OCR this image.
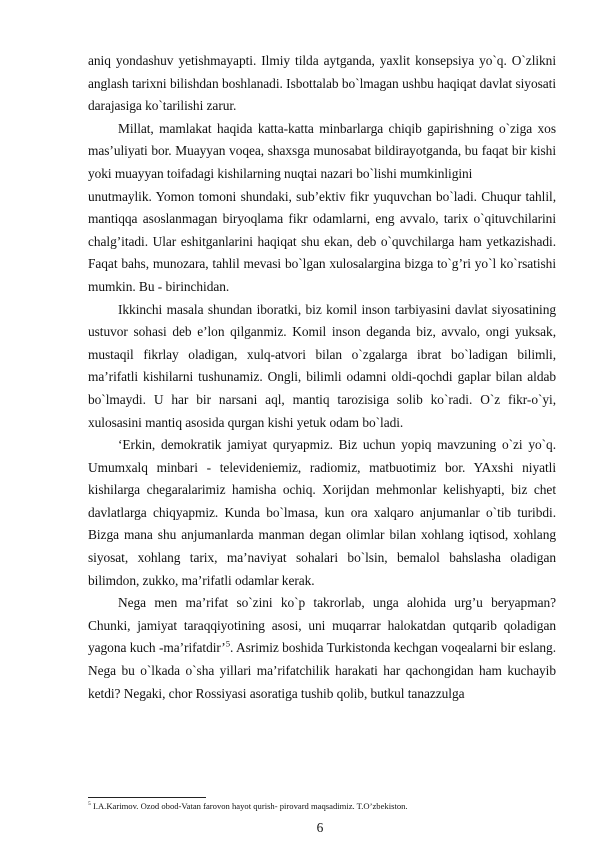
aniq yondashuv yetishmayapti. Ilmiy tilda aytganda, yaxlit konsepsiya yo`q. O`zlikni anglash tarixni bilishdan boshlanadi. Isbottalab bo`lmagan ushbu haqiqat davlat siyosati darajasiga ko`tarilishi zarur.

Millat, mamlakat haqida katta-katta minbarlarga chiqib gapirishning o`ziga xos mas’uliyati bor. Muayyan voqea, shaxsga munosabat bildirayotganda, bu faqat bir kishi yoki muayyan toifadagi kishilarning nuqtai nazari bo`lishi mumkinligini

unutmaylik. Yomon tomoni shundaki, sub’ektiv fikr yuquvchan bo`ladi. Chuqur tahlil, mantiqqa asoslanmagan biryoqlama fikr odamlarni, eng avvalo, tarix o`qituvchilarini chalg’itadi. Ular eshitganlarini haqiqat shu ekan, deb o`quvchilarga ham yetkazishadi. Faqat bahs, munozara, tahlil mevasi bo`lgan xulosalargina bizga to`g’ri yo`l ko`rsatishi mumkin. Bu - birinchidan.

Ikkinchi masala shundan iboratki, biz komil inson tarbiyasini davlat siyosatining ustuvor sohasi deb e’lon qilganmiz. Komil inson deganda biz, avvalo, ongi yuksak, mustaqil fikrlay oladigan, xulq-atvori bilan o`zgalarga ibrat bo`ladigan bilimli, ma’rifatli kishilarni tushunamiz. Ongli, bilimli odamni oldi-qochdi gaplar bilan aldab bo`lmaydi. U har bir narsani aql, mantiq tarozisiga solib ko`radi. O`z fikr-o`yi, xulosasini mantiq asosida qurgan kishi yetuk odam bo`ladi.

‘Erkin, demokratik jamiyat quryapmiz. Biz uchun yopiq mavzuning o`zi yo`q. Umumxalq minbari - televideniemiz, radiomiz, matbuotimiz bor. YAxshi niyatli kishilarga chegaralarimiz hamisha ochiq. Xorijdan mehmonlar kelishyapti, biz chet davlatlarga chiqyapmiz. Kunda bo`lmasa, kun ora xalqaro anjumanlar o`tib turibdi. Bizga mana shu anjumanlarda manman degan olimlar bilan xohlang iqtisod, xohlang siyosat, xohlang tarix, ma’naviyat sohalari bo`lsin, bemalol bahslasha oladigan bilimdon, zukko, ma’rifatli odamlar kerak.

Nega men ma’rifat so`zini ko`p takrorlab, unga alohida urg’u beryapman? Chunki, jamiyat taraqqiyotining asosi, uni muqarrar halokatdan qutqarib qoladigan yagona kuch -ma’rifatdir’$^5$. Asrimiz boshida Turkistonda kechgan voqealarni bir eslang. Nega bu o`lkada o`sha yillari ma’rifatchilik harakati har qachongidan ham kuchayib ketdi? Negaki, chor Rossiyasi asoratiga tushib qolib, butkul tanazzulga

$^5$ I.A.Karimov. Ozod obod-Vatan farovon hayot qurish- pirovard maqsadimiz. T.O’zbekiston.
6
